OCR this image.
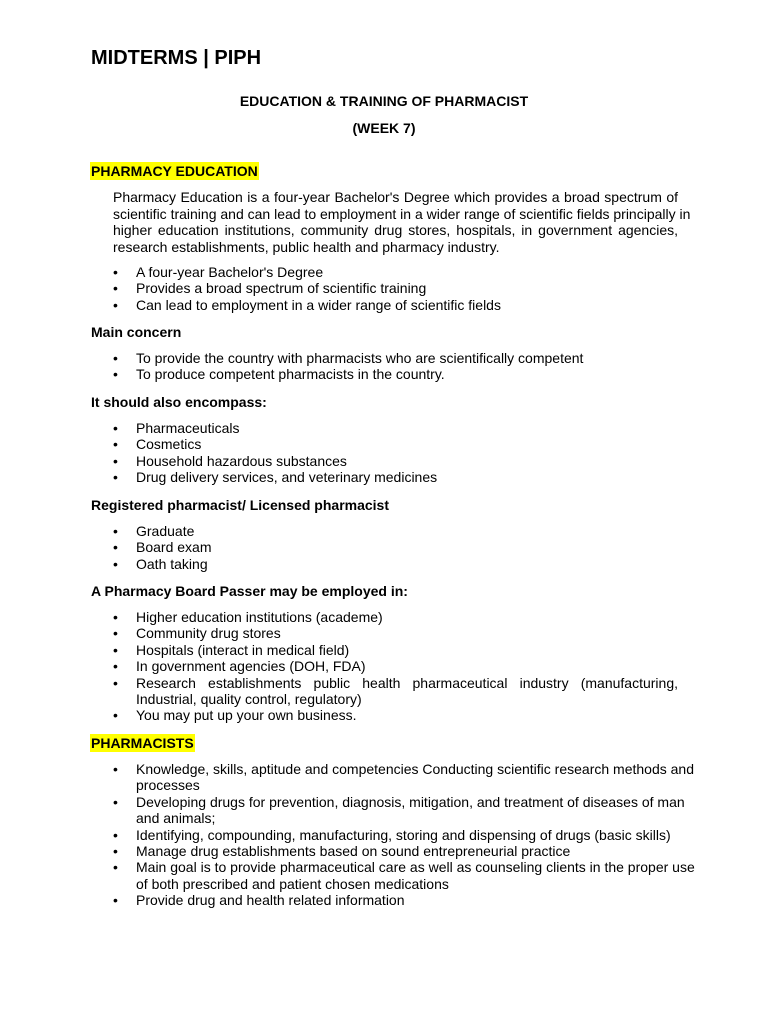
MIDTERMS | PIPH
EDUCATION & TRAINING OF PHARMACIST
(WEEK 7)
PHARMACY EDUCATION
Pharmacy Education is a four-year Bachelor's Degree which provides a broad spectrum of
scientific training and can lead to employment in a wider range of scientific fields principally in
higher education institutions, community drug stores, hospitals, in government agencies,
research establishments, public health and pharmacy industry.
• A four-year Bachelor's Degree
• Provides a broad spectrum of scientific training
• Can lead to employment in a wider range of scientific fields
Main concern
• To provide the country with pharmacists who are scientifically competent
• To produce competent pharmacists in the country.
It should also encompass:
• Pharmaceuticals
• Cosmetics
• Household hazardous substances
• Drug delivery services, and veterinary medicines
Registered pharmacist/ Licensed pharmacist
• Graduate
• Board exam
• Oath taking
A Pharmacy Board Passer may be employed in:
• Higher education institutions (academe)
• Community drug stores
• Hospitals (interact in medical field)
• In government agencies (DOH, FDA)
• Research establishments public health pharmaceutical industry (manufacturing,
Industrial, quality control, regulatory)
• You may put up your own business.
PHARMACISTS
• Knowledge, skills, aptitude and competencies Conducting scientific research methods and
processes
• Developing drugs for prevention, diagnosis, mitigation, and treatment of diseases of man
and animals;
• Identifying, compounding, manufacturing, storing and dispensing of drugs (basic skills)
• Manage drug establishments based on sound entrepreneurial practice
• Main goal is to provide pharmaceutical care as well as counseling clients in the proper use
of both prescribed and patient chosen medications
• Provide drug and health related information
